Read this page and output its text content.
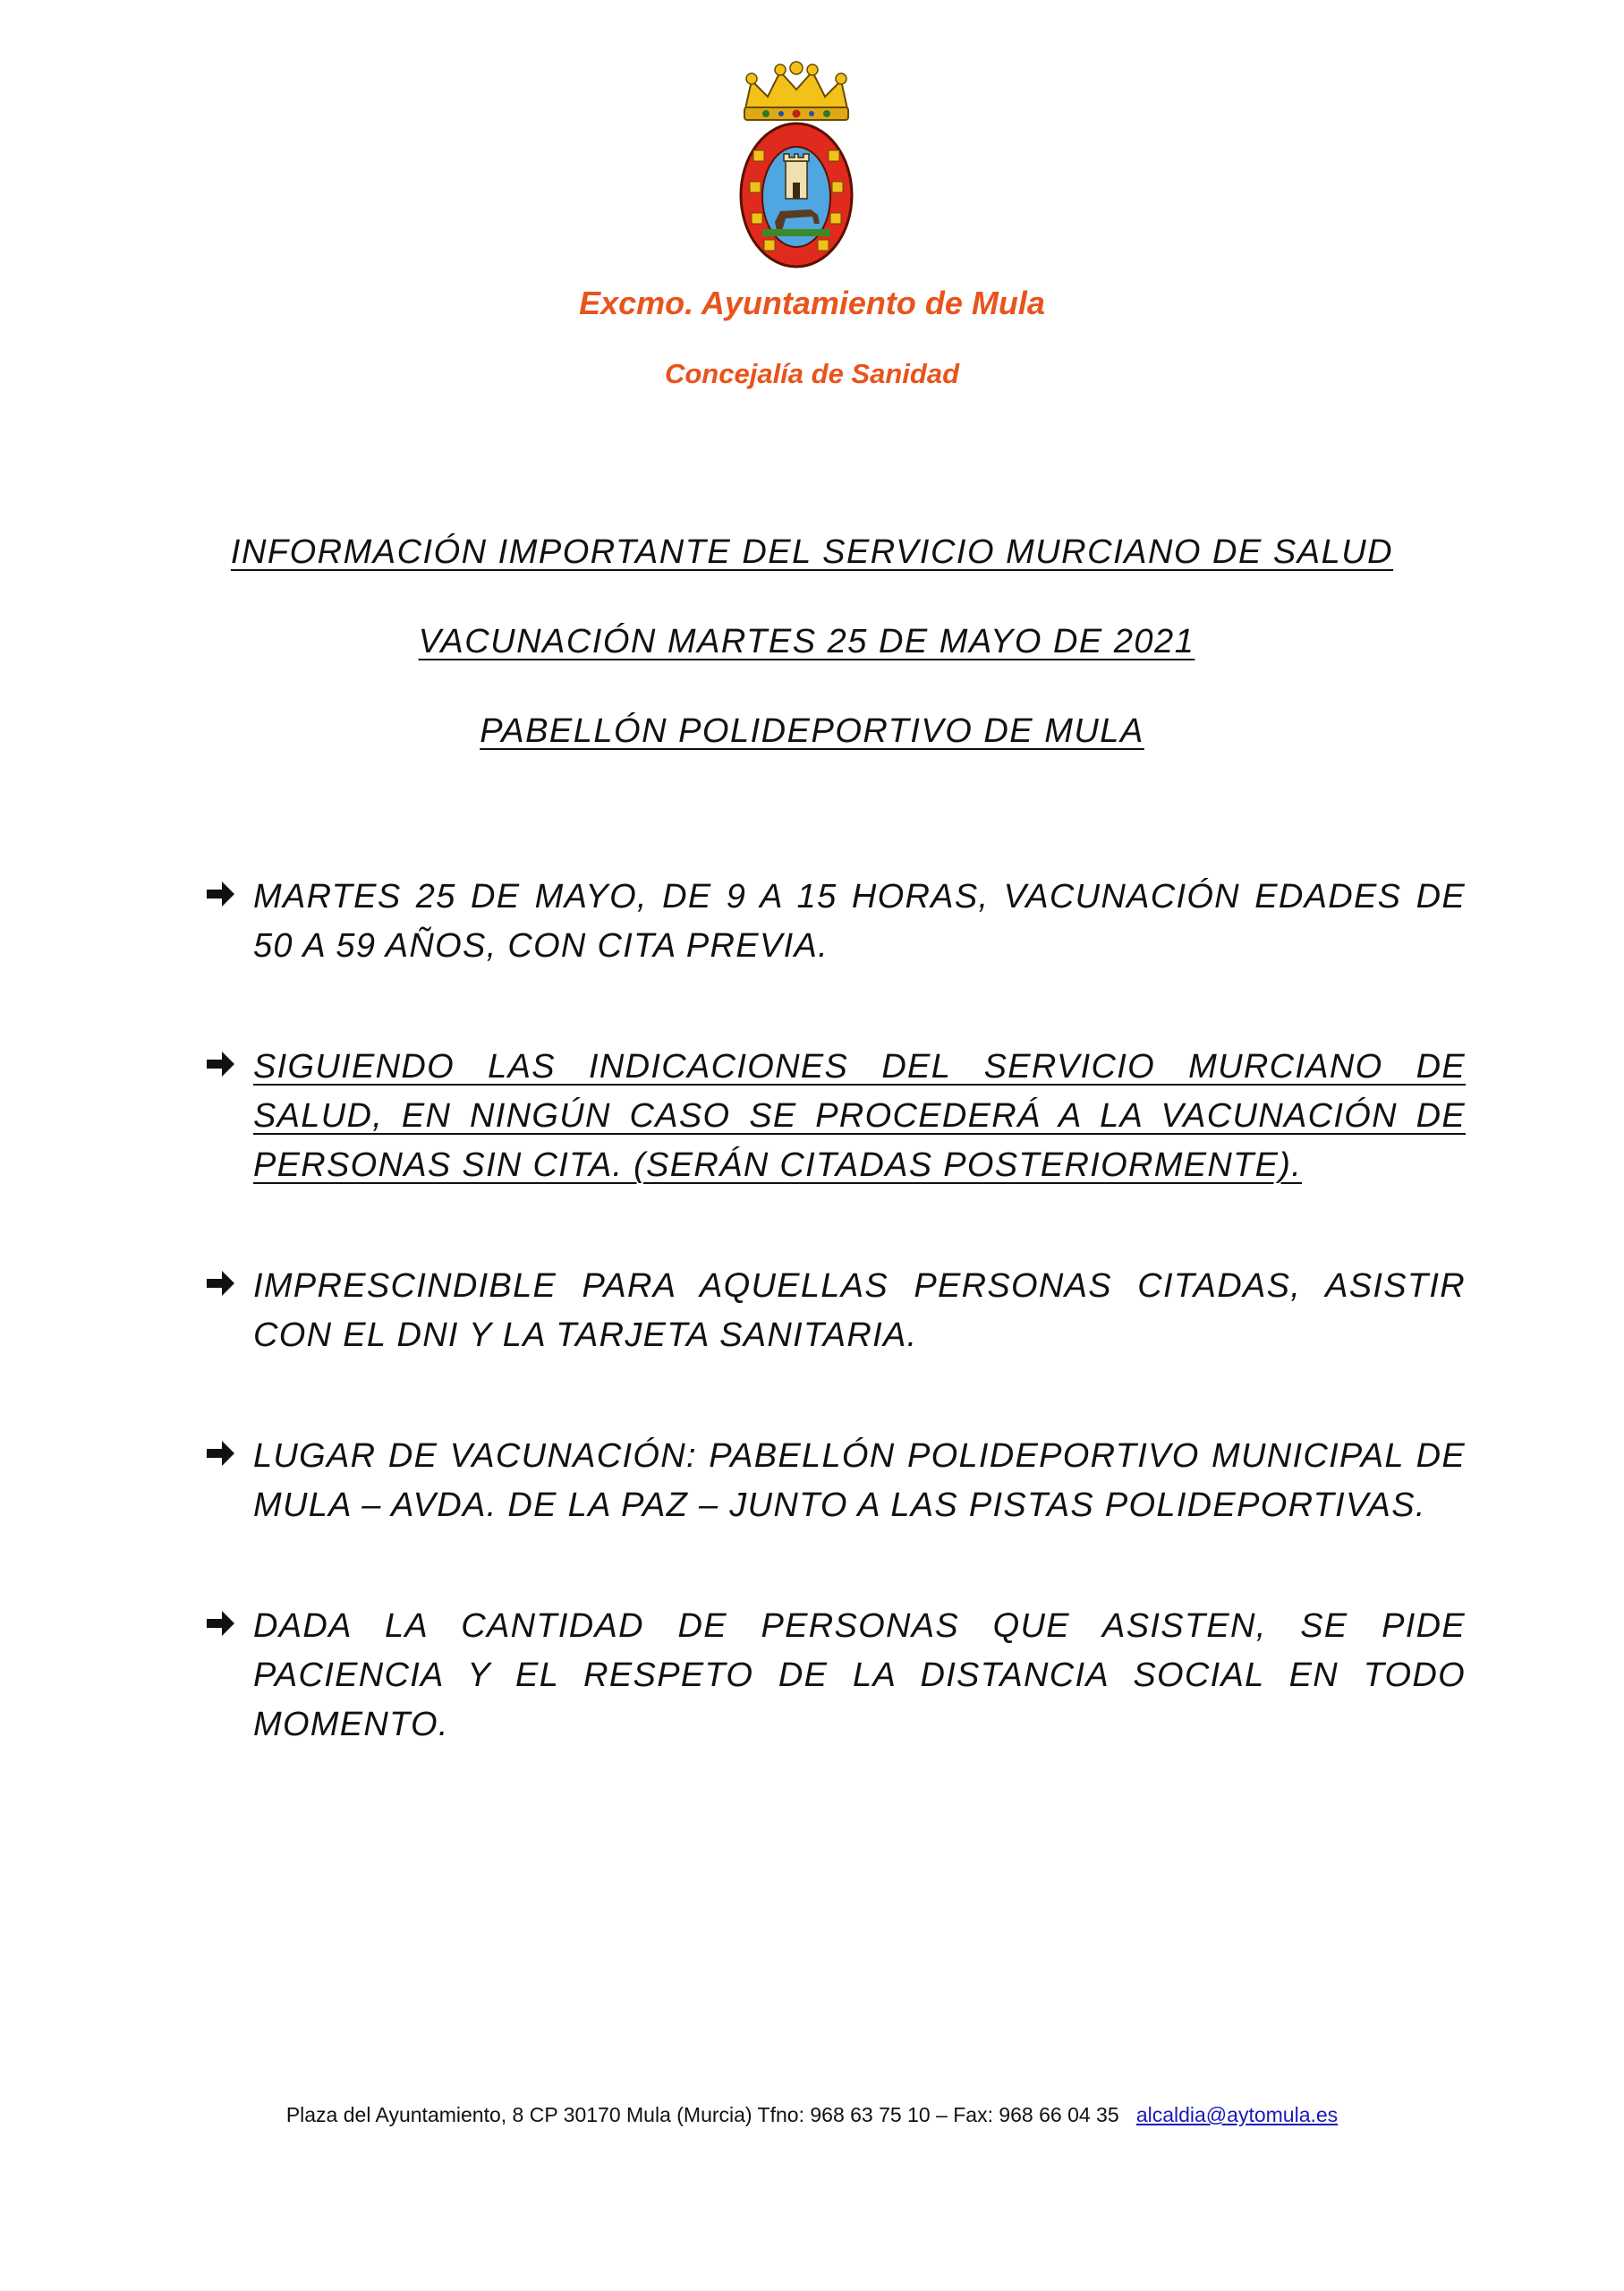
Excmo. Ayuntamiento de Mula
Concejalía de Sanidad
INFORMACIÓN IMPORTANTE DEL SERVICIO MURCIANO DE SALUD
VACUNACIÓN MARTES 25 DE MAYO DE 2021
PABELLÓN POLIDEPORTIVO DE MULA
MARTES 25 DE MAYO, DE 9 A 15 HORAS, VACUNACIÓN EDADES DE 50 A 59 AÑOS, CON CITA PREVIA.
SIGUIENDO LAS INDICACIONES DEL SERVICIO MURCIANO DE SALUD, EN NINGÚN CASO SE PROCEDERÁ A LA VACUNACIÓN DE PERSONAS SIN CITA. (SERÁN CITADAS POSTERIORMENTE).
IMPRESCINDIBLE PARA AQUELLAS PERSONAS CITADAS, ASISTIR CON EL DNI Y LA TARJETA SANITARIA.
LUGAR DE VACUNACIÓN: PABELLÓN POLIDEPORTIVO MUNICIPAL DE MULA – AVDA. DE LA PAZ – JUNTO A LAS PISTAS POLIDEPORTIVAS.
DADA LA CANTIDAD DE PERSONAS QUE ASISTEN, SE PIDE PACIENCIA Y EL RESPETO DE LA DISTANCIA SOCIAL EN TODO MOMENTO.
Plaza del Ayuntamiento, 8 CP 30170 Mula (Murcia) Tfno: 968 63 75 10 – Fax: 968 66 04 35 alcaldia@aytomula.es
